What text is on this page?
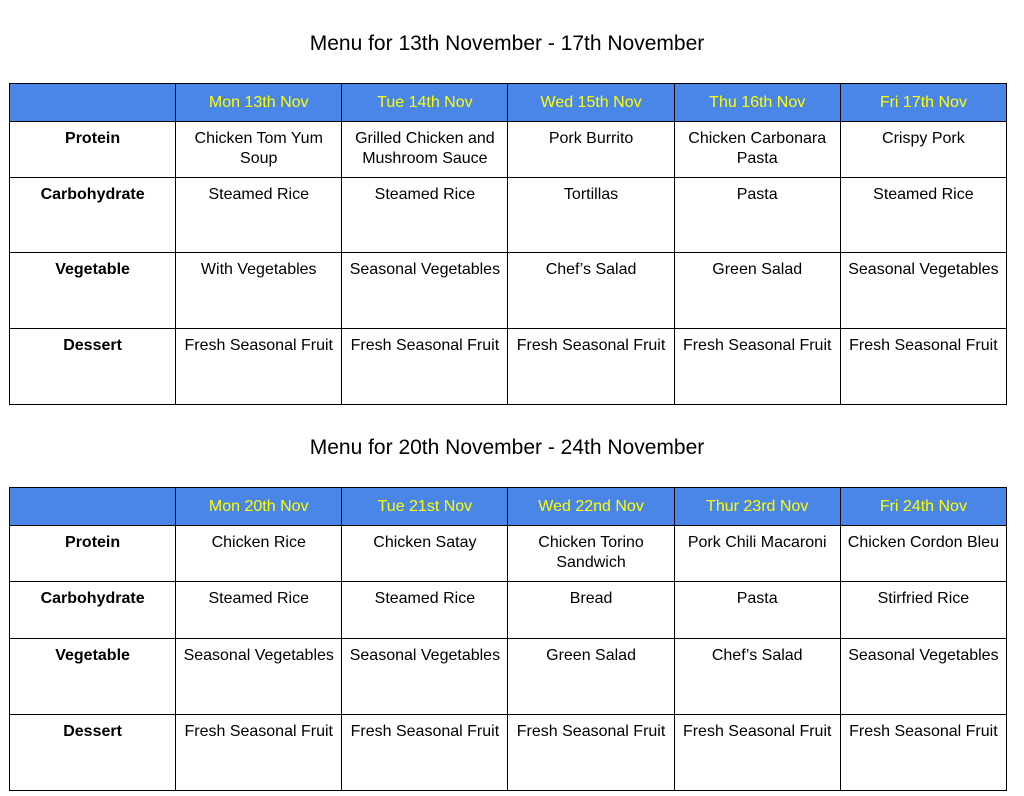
Menu for 13th November - 17th November
	Mon 13th Nov	Tue 14th Nov	Wed 15th Nov	Thu 16th Nov	Fri 17th Nov
Protein	Chicken Tom Yum Soup	Grilled Chicken and Mushroom Sauce	Pork Burrito	Chicken Carbonara Pasta	Crispy Pork
Carbohydrate	Steamed Rice	Steamed Rice	Tortillas	Pasta	Steamed Rice
Vegetable	With Vegetables	Seasonal Vegetables	Chef’s Salad	Green Salad	Seasonal Vegetables
Dessert	Fresh Seasonal Fruit	Fresh Seasonal Fruit	Fresh Seasonal Fruit	Fresh Seasonal Fruit	Fresh Seasonal Fruit
Menu for 20th November - 24th November
	Mon 20th Nov	Tue 21st Nov	Wed 22nd Nov	Thur 23rd Nov	Fri 24th Nov
Protein	Chicken Rice	Chicken Satay	Chicken Torino Sandwich	Pork Chili Macaroni	Chicken Cordon Bleu
Carbohydrate	Steamed Rice	Steamed Rice	Bread	Pasta	Stirfried Rice
Vegetable	Seasonal Vegetables	Seasonal Vegetables	Green Salad	Chef’s Salad	Seasonal Vegetables
Dessert	Fresh Seasonal Fruit	Fresh Seasonal Fruit	Fresh Seasonal Fruit	Fresh Seasonal Fruit	Fresh Seasonal Fruit
